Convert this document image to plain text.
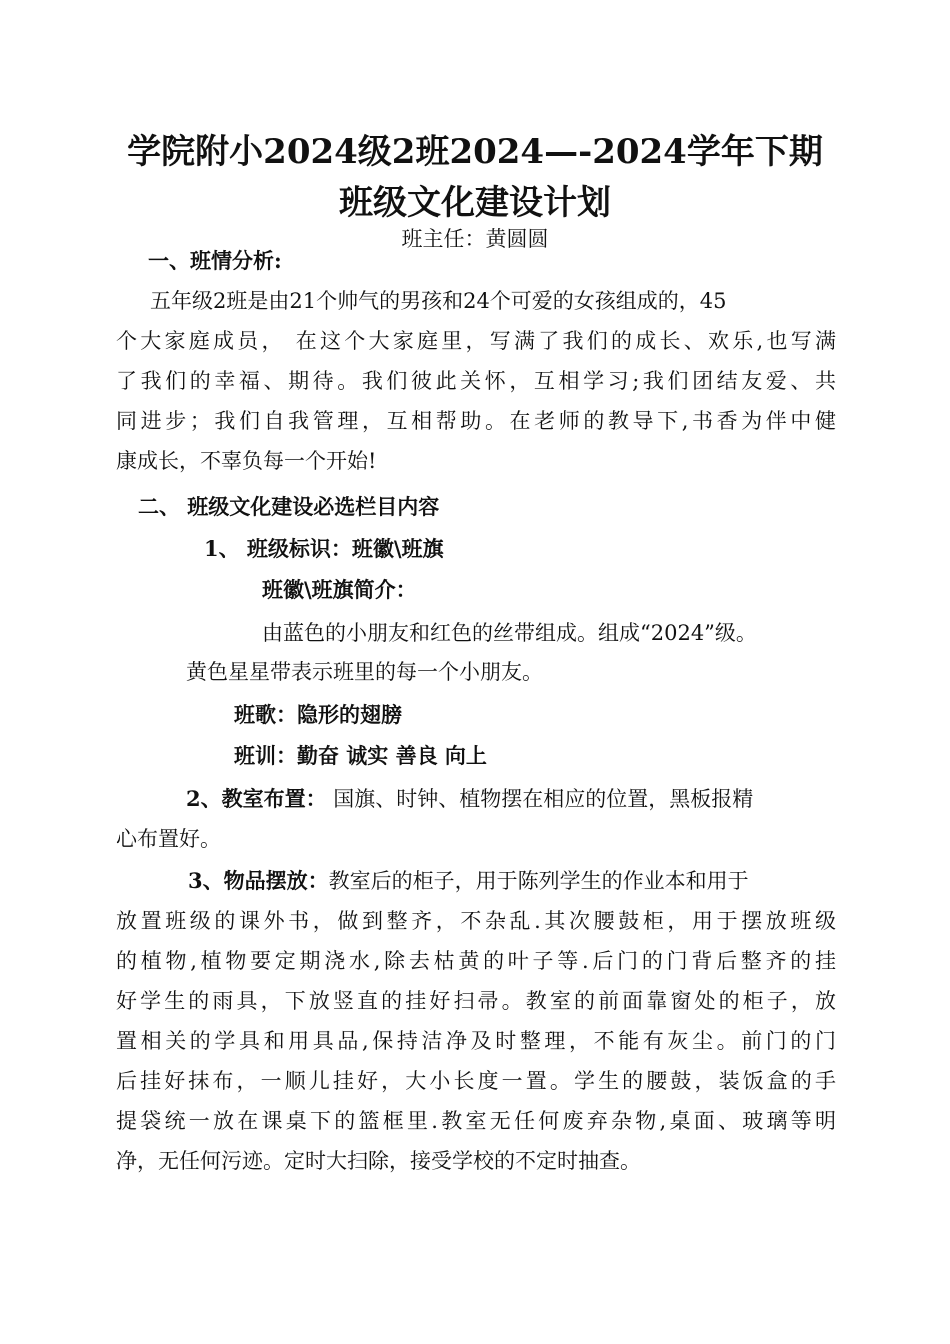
学院附小2024级2班2024—-2024学年下期
班级文化建设计划
班主任：黄圆圆
一、班情分析:
五年级2班是由21个帅气的男孩和24个可爱的女孩组成的，45
个大家庭成员， 在这个大家庭里，写满了我们的成长、欢乐,也写满
了我们的幸福、期待。我们彼此关怀，互相学习;我们团结友爱、共
同进步；我们自我管理，互相帮助。在老师的教导下,书香为伴中健
康成长，不辜负每一个开始!
二、 班级文化建设必选栏目内容
1、 班级标识：班徽\班旗
班徽\班旗简介：
由蓝色的小朋友和红色的丝带组成。组成“2024”级。
黄色星星带表示班里的每一个小朋友。
班歌：隐形的翅膀
班训：勤奋 诚实 善良 向上
2、教室布置： 国旗、时钟、植物摆在相应的位置，黑板报精
心布置好。
3、物品摆放：教室后的柜子，用于陈列学生的作业本和用于
放置班级的课外书，做到整齐，不杂乱.其次腰鼓柜，用于摆放班级
的植物,植物要定期浇水,除去枯黄的叶子等.后门的门背后整齐的挂
好学生的雨具，下放竖直的挂好扫帚。教室的前面靠窗处的柜子，放
置相关的学具和用具品,保持洁净及时整理，不能有灰尘。前门的门
后挂好抹布，一顺儿挂好，大小长度一置。学生的腰鼓，装饭盒的手
提袋统一放在课桌下的篮框里.教室无任何废弃杂物,桌面、玻璃等明
净，无任何污迹。定时大扫除，接受学校的不定时抽查。
